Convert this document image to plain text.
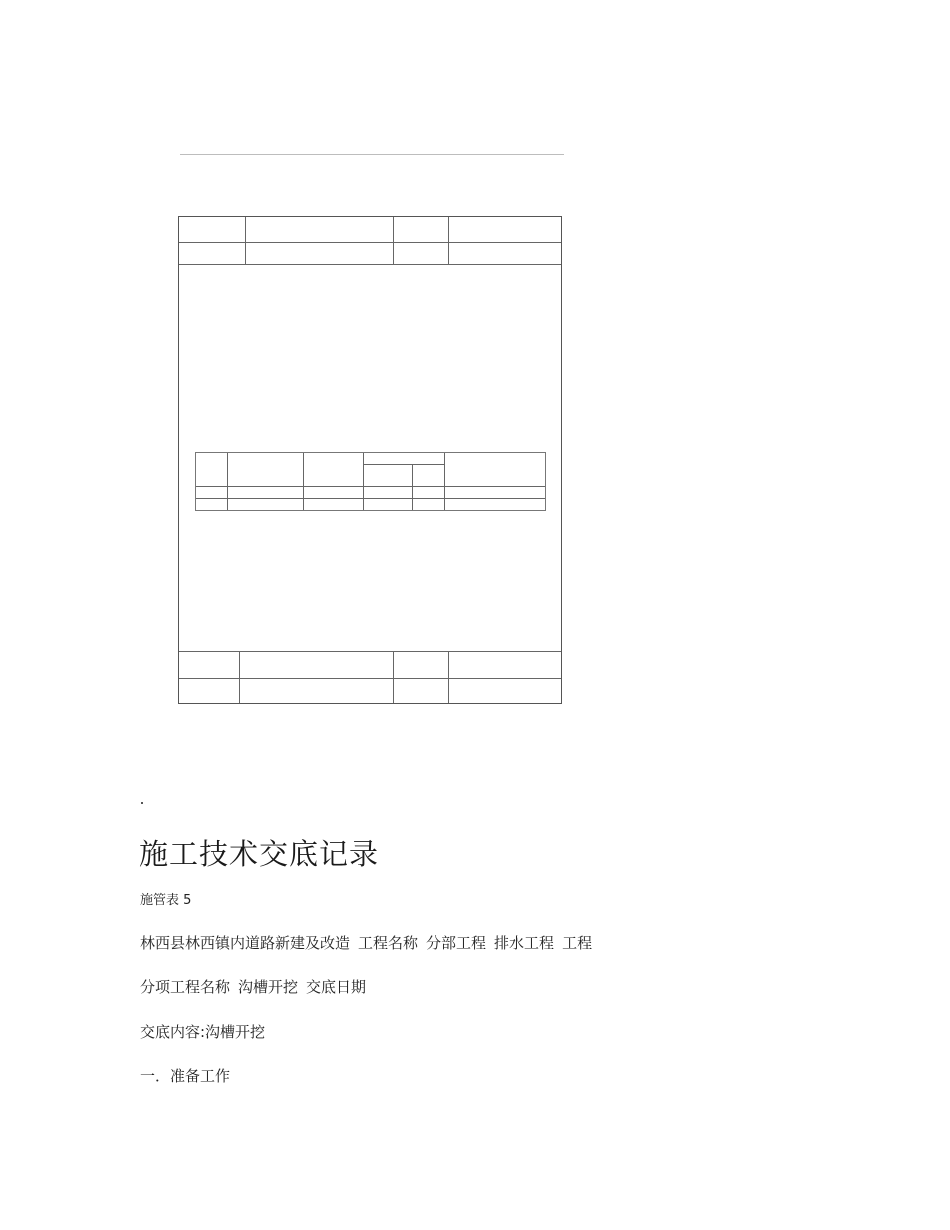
施工技术交底记录

施管表 5

林西县林西镇内道路新建及改造 工程名称 分部工程 排水工程 工程

分项工程名称 沟槽开挖 交底日期

交底内容:沟槽开挖

一．准备工作
